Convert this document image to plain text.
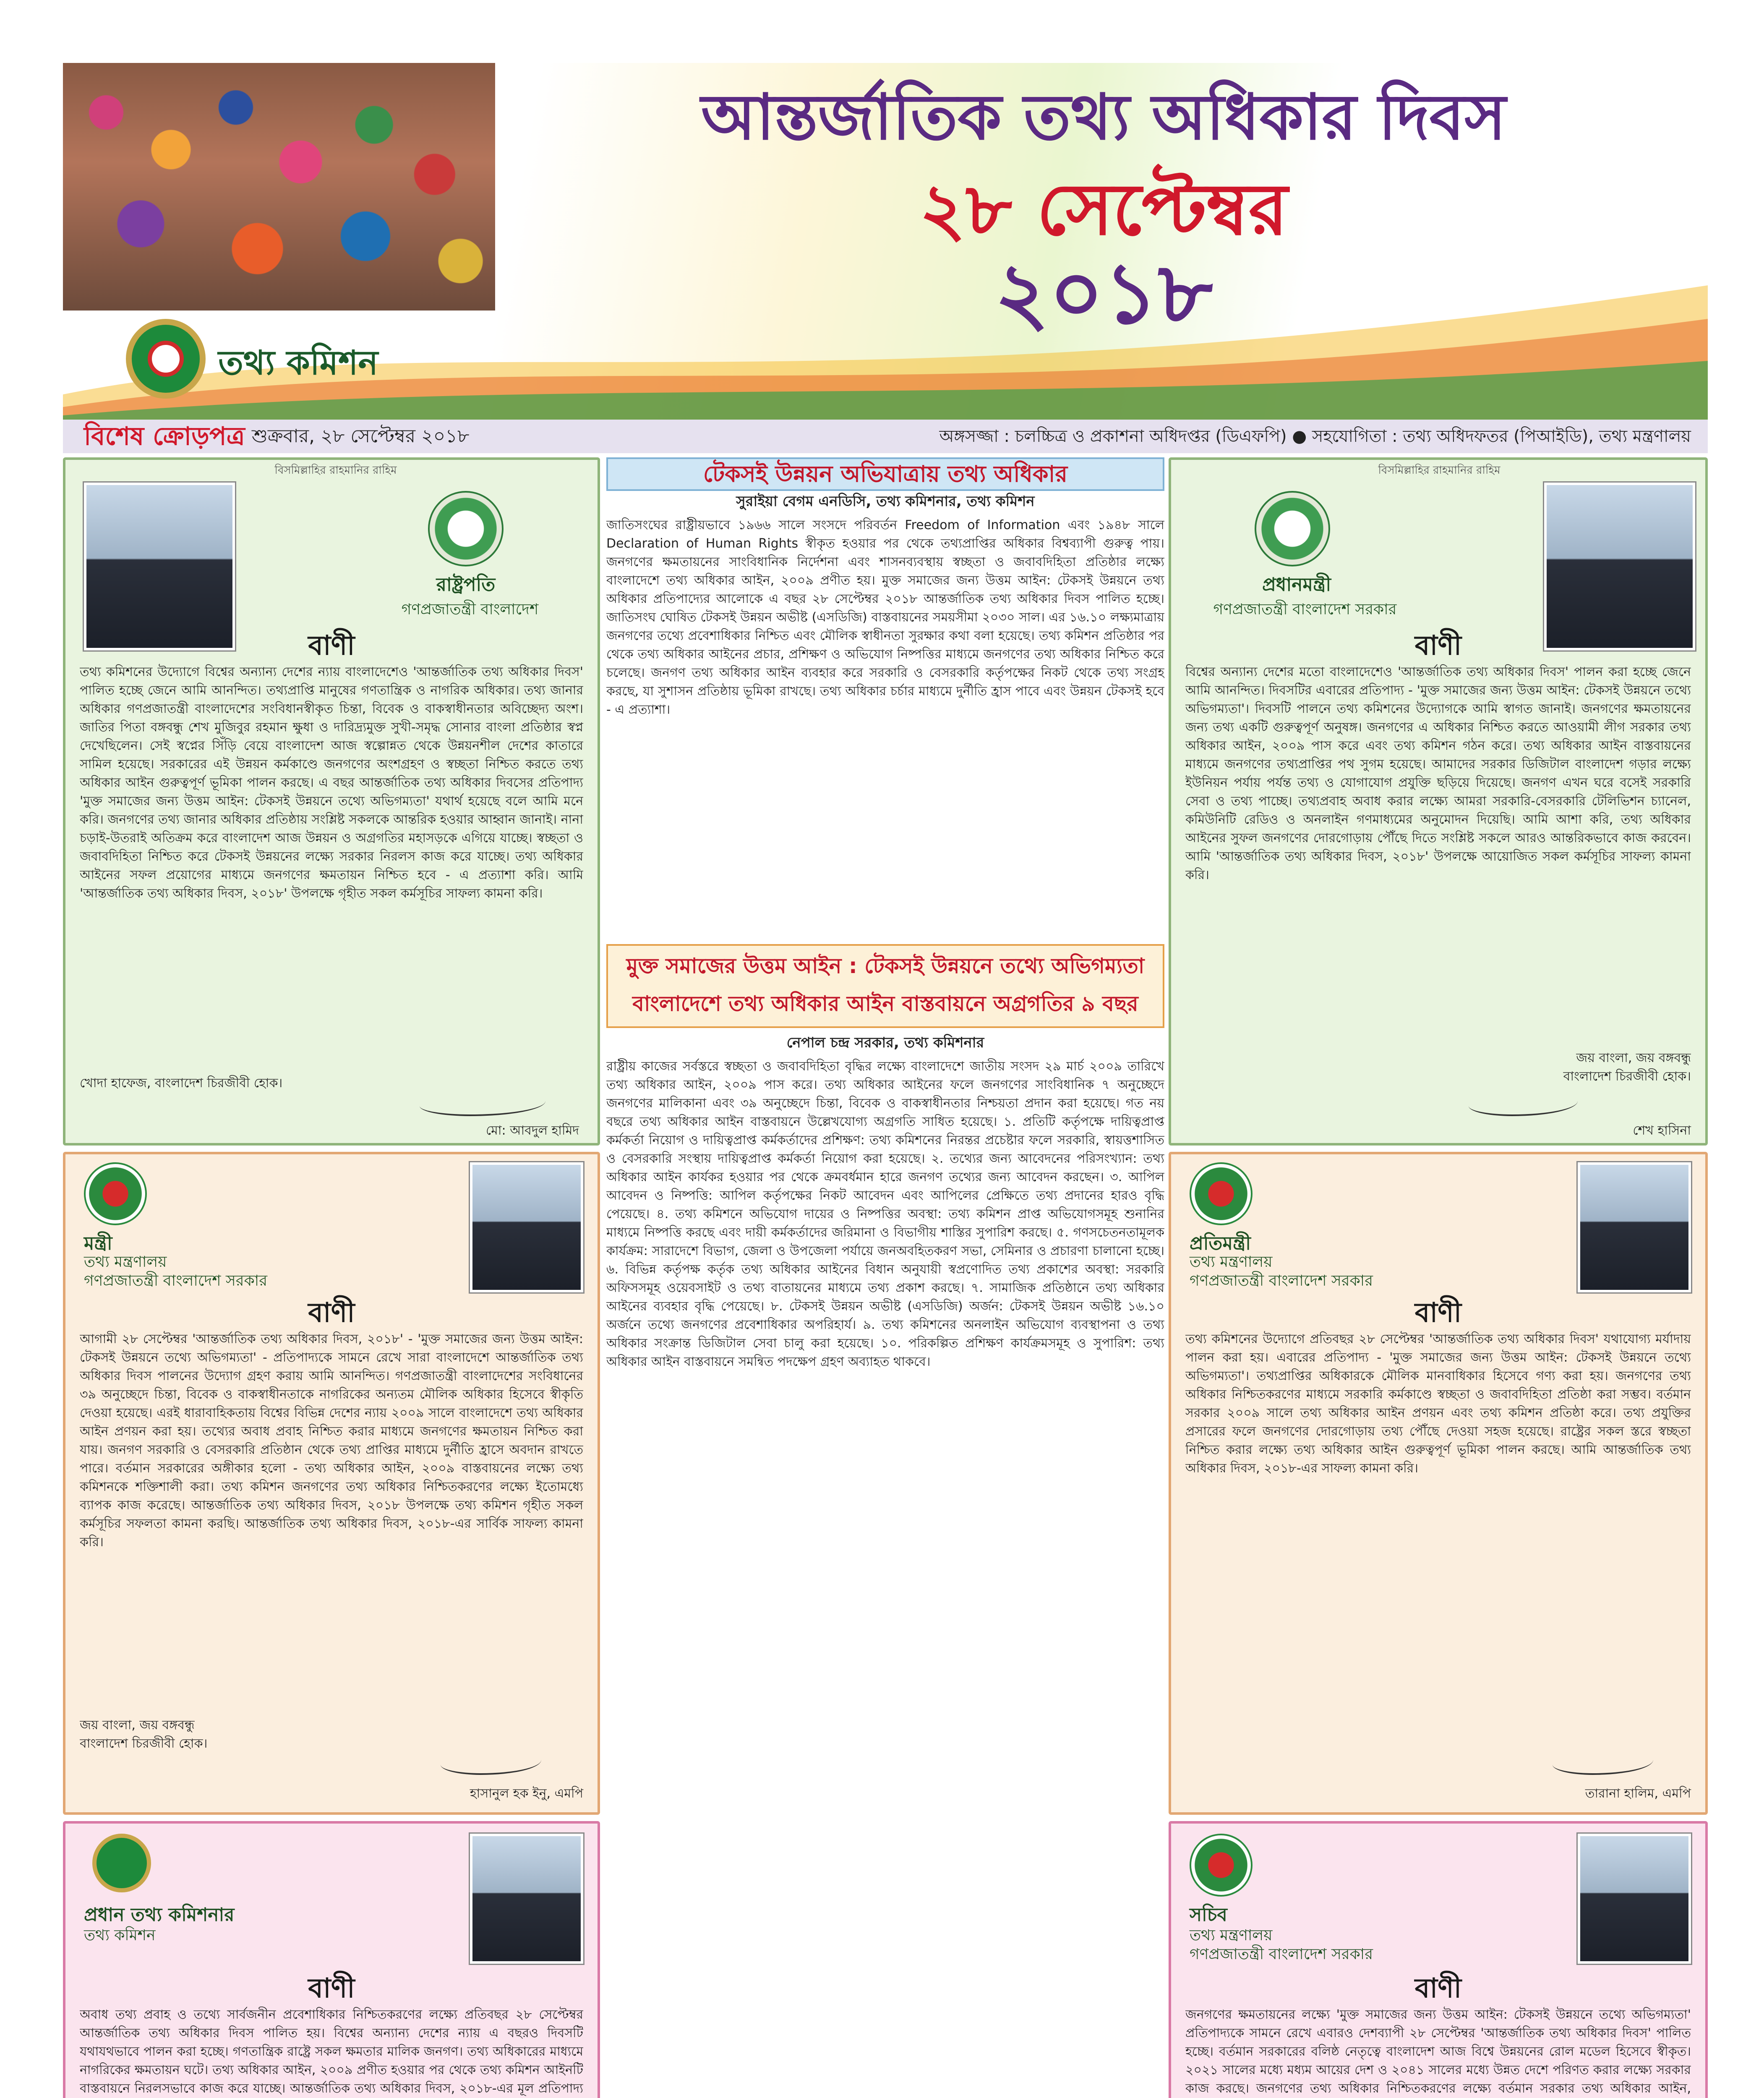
আন্তর্জাতিক তথ্য অধিকার দিবস
২৮ সেপ্টেম্বর
২০১৮
তথ্য কমিশন
বিশেষ ক্রোড়পত্র শুক্রবার, ২৮ সেপ্টেম্বর ২০১৮	অঙ্গসজ্জা : চলচ্চিত্র ও প্রকাশনা অধিদপ্তর (ডিএফপি) ● সহযোগিতা : তথ্য অধিদফতর (পিআইডি), তথ্য মন্ত্রণালয়
বিসমিল্লাহির রাহমানির রাহিম
রাষ্ট্রপতি
গণপ্রজাতন্ত্রী বাংলাদেশ
বাণী
তথ্য কমিশনের উদ্যোগে বিশ্বের অন্যান্য দেশের ন্যায় বাংলাদেশেও 'আন্তর্জাতিক তথ্য অধিকার দিবস' পালিত হচ্ছে জেনে আমি আনন্দিত। তথ্যপ্রাপ্তি মানুষের গণতান্ত্রিক ও নাগরিক অধিকার। তথ্য জানার অধিকার গণপ্রজাতন্ত্রী বাংলাদেশের সংবিধানস্বীকৃত চিন্তা, বিবেক ও বাকস্বাধীনতার অবিচ্ছেদ্য অংশ। জাতির পিতা বঙ্গবন্ধু শেখ মুজিবুর রহমান ক্ষুধা ও দারিদ্র্যমুক্ত সুখী-সমৃদ্ধ সোনার বাংলা প্রতিষ্ঠার স্বপ্ন দেখেছিলেন। সেই স্বপ্নের সিঁড়ি বেয়ে বাংলাদেশ আজ স্বল্পোন্নত থেকে উন্নয়নশীল দেশের কাতারে সামিল হয়েছে। সরকারের এই উন্নয়ন কর্মকাণ্ডে জনগণের অংশগ্রহণ ও স্বচ্ছতা নিশ্চিত করতে তথ্য অধিকার আইন গুরুত্বপূর্ণ ভূমিকা পালন করছে। এ বছর আন্তর্জাতিক তথ্য অধিকার দিবসের প্রতিপাদ্য 'মুক্ত সমাজের জন্য উত্তম আইন: টেকসই উন্নয়নে তথ্যে অভিগম্যতা' যথার্থ হয়েছে বলে আমি মনে করি। জনগণের তথ্য জানার অধিকার প্রতিষ্ঠায় সংশ্লিষ্ট সকলকে আন্তরিক হওয়ার আহ্বান জানাই। নানা চড়াই-উতরাই অতিক্রম করে বাংলাদেশ আজ উন্নয়ন ও অগ্রগতির মহাসড়কে এগিয়ে যাচ্ছে। স্বচ্ছতা ও জবাবদিহিতা নিশ্চিত করে টেকসই উন্নয়নের লক্ষ্যে সরকার নিরলস কাজ করে যাচ্ছে। তথ্য অধিকার আইনের সফল প্রয়োগের মাধ্যমে জনগণের ক্ষমতায়ন নিশ্চিত হবে - এ প্রত্যাশা করি। আমি 'আন্তর্জাতিক তথ্য অধিকার দিবস, ২০১৮' উপলক্ষে গৃহীত সকল কর্মসূচির সাফল্য কামনা করি।
খোদা হাফেজ, বাংলাদেশ চিরজীবী হোক।
মো: আবদুল হামিদ
বিসমিল্লাহির রাহমানির রাহিম
প্রধানমন্ত্রী
গণপ্রজাতন্ত্রী বাংলাদেশ সরকার
বাণী
বিশ্বের অন্যান্য দেশের মতো বাংলাদেশেও 'আন্তর্জাতিক তথ্য অধিকার দিবস' পালন করা হচ্ছে জেনে আমি আনন্দিত। দিবসটির এবারের প্রতিপাদ্য - 'মুক্ত সমাজের জন্য উত্তম আইন: টেকসই উন্নয়নে তথ্যে অভিগম্যতা'। দিবসটি পালনে তথ্য কমিশনের উদ্যোগকে আমি স্বাগত জানাই। জনগণের ক্ষমতায়নের জন্য তথ্য একটি গুরুত্বপূর্ণ অনুষঙ্গ। জনগণের এ অধিকার নিশ্চিত করতে আওয়ামী লীগ সরকার তথ্য অধিকার আইন, ২০০৯ পাস করে এবং তথ্য কমিশন গঠন করে। তথ্য অধিকার আইন বাস্তবায়নের মাধ্যমে জনগণের তথ্যপ্রাপ্তির পথ সুগম হয়েছে। আমাদের সরকার ডিজিটাল বাংলাদেশ গড়ার লক্ষ্যে ইউনিয়ন পর্যায় পর্যন্ত তথ্য ও যোগাযোগ প্রযুক্তি ছড়িয়ে দিয়েছে। জনগণ এখন ঘরে বসেই সরকারি সেবা ও তথ্য পাচ্ছে। তথ্যপ্রবাহ অবাধ করার লক্ষ্যে আমরা সরকারি-বেসরকারি টেলিভিশন চ্যানেল, কমিউনিটি রেডিও ও অনলাইন গণমাধ্যমের অনুমোদন দিয়েছি। আমি আশা করি, তথ্য অধিকার আইনের সুফল জনগণের দোরগোড়ায় পৌঁছে দিতে সংশ্লিষ্ট সকলে আরও আন্তরিকভাবে কাজ করবেন। আমি 'আন্তর্জাতিক তথ্য অধিকার দিবস, ২০১৮' উপলক্ষে আয়োজিত সকল কর্মসূচির সাফল্য কামনা করি।
জয় বাংলা, জয় বঙ্গবন্ধু
বাংলাদেশ চিরজীবী হোক।
শেখ হাসিনা
মন্ত্রী
তথ্য মন্ত্রণালয়
গণপ্রজাতন্ত্রী বাংলাদেশ সরকার
বাণী
আগামী ২৮ সেপ্টেম্বর 'আন্তর্জাতিক তথ্য অধিকার দিবস, ২০১৮' - 'মুক্ত সমাজের জন্য উত্তম আইন: টেকসই উন্নয়নে তথ্যে অভিগম্যতা' - প্রতিপাদ্যকে সামনে রেখে সারা বাংলাদেশে আন্তর্জাতিক তথ্য অধিকার দিবস পালনের উদ্যোগ গ্রহণ করায় আমি আনন্দিত। গণপ্রজাতন্ত্রী বাংলাদেশের সংবিধানের ৩৯ অনুচ্ছেদে চিন্তা, বিবেক ও বাকস্বাধীনতাকে নাগরিকের অন্যতম মৌলিক অধিকার হিসেবে স্বীকৃতি দেওয়া হয়েছে। এরই ধারাবাহিকতায় বিশ্বের বিভিন্ন দেশের ন্যায় ২০০৯ সালে বাংলাদেশে তথ্য অধিকার আইন প্রণয়ন করা হয়। তথ্যের অবাধ প্রবাহ নিশ্চিত করার মাধ্যমে জনগণের ক্ষমতায়ন নিশ্চিত করা যায়। জনগণ সরকারি ও বেসরকারি প্রতিষ্ঠান থেকে তথ্য প্রাপ্তির মাধ্যমে দুর্নীতি হ্রাসে অবদান রাখতে পারে। বর্তমান সরকারের অঙ্গীকার হলো - তথ্য অধিকার আইন, ২০০৯ বাস্তবায়নের লক্ষ্যে তথ্য কমিশনকে শক্তিশালী করা। তথ্য কমিশন জনগণের তথ্য অধিকার নিশ্চিতকরণের লক্ষ্যে ইতোমধ্যে ব্যাপক কাজ করেছে। আন্তর্জাতিক তথ্য অধিকার দিবস, ২০১৮ উপলক্ষে তথ্য কমিশন গৃহীত সকল কর্মসূচির সফলতা কামনা করছি। আন্তর্জাতিক তথ্য অধিকার দিবস, ২০১৮-এর সার্বিক সাফল্য কামনা করি।
জয় বাংলা, জয় বঙ্গবন্ধু
বাংলাদেশ চিরজীবী হোক।
হাসানুল হক ইনু, এমপি
প্রতিমন্ত্রী
তথ্য মন্ত্রণালয়
গণপ্রজাতন্ত্রী বাংলাদেশ সরকার
বাণী
তথ্য কমিশনের উদ্যোগে প্রতিবছর ২৮ সেপ্টেম্বর 'আন্তর্জাতিক তথ্য অধিকার দিবস' যথাযোগ্য মর্যাদায় পালন করা হয়। এবারের প্রতিপাদ্য - 'মুক্ত সমাজের জন্য উত্তম আইন: টেকসই উন্নয়নে তথ্যে অভিগম্যতা'। তথ্যপ্রাপ্তির অধিকারকে মৌলিক মানবাধিকার হিসেবে গণ্য করা হয়। জনগণের তথ্য অধিকার নিশ্চিতকরণের মাধ্যমে সরকারি কর্মকাণ্ডে স্বচ্ছতা ও জবাবদিহিতা প্রতিষ্ঠা করা সম্ভব। বর্তমান সরকার ২০০৯ সালে তথ্য অধিকার আইন প্রণয়ন এবং তথ্য কমিশন প্রতিষ্ঠা করে। তথ্য প্রযুক্তির প্রসারের ফলে জনগণের দোরগোড়ায় তথ্য পৌঁছে দেওয়া সহজ হয়েছে। রাষ্ট্রের সকল স্তরে স্বচ্ছতা নিশ্চিত করার লক্ষ্যে তথ্য অধিকার আইন গুরুত্বপূর্ণ ভূমিকা পালন করছে। আমি আন্তর্জাতিক তথ্য অধিকার দিবস, ২০১৮-এর সাফল্য কামনা করি।
তারানা হালিম, এমপি
প্রধান তথ্য কমিশনার
তথ্য কমিশন
বাণী
অবাধ তথ্য প্রবাহ ও তথ্যে সার্বজনীন প্রবেশাধিকার নিশ্চিতকরণের লক্ষ্যে প্রতিবছর ২৮ সেপ্টেম্বর আন্তর্জাতিক তথ্য অধিকার দিবস পালিত হয়। বিশ্বের অন্যান্য দেশের ন্যায় এ বছরও দিবসটি যথাযথভাবে পালন করা হচ্ছে। গণতান্ত্রিক রাষ্ট্রে সকল ক্ষমতার মালিক জনগণ। তথ্য অধিকারের মাধ্যমে নাগরিকের ক্ষমতায়ন ঘটে। তথ্য অধিকার আইন, ২০০৯ প্রণীত হওয়ার পর থেকে তথ্য কমিশন আইনটি বাস্তবায়নে নিরলসভাবে কাজ করে যাচ্ছে। আন্তর্জাতিক তথ্য অধিকার দিবস, ২০১৮-এর মূল প্রতিপাদ্য
সচিব
তথ্য মন্ত্রণালয়
গণপ্রজাতন্ত্রী বাংলাদেশ সরকার
বাণী
জনগণের ক্ষমতায়নের লক্ষ্যে 'মুক্ত সমাজের জন্য উত্তম আইন: টেকসই উন্নয়নে তথ্যে অভিগম্যতা' প্রতিপাদ্যকে সামনে রেখে এবারও দেশব্যাপী ২৮ সেপ্টেম্বর 'আন্তর্জাতিক তথ্য অধিকার দিবস' পালিত হচ্ছে। বর্তমান সরকারের বলিষ্ঠ নেতৃত্বে বাংলাদেশ আজ বিশ্বে উন্নয়নের রোল মডেল হিসেবে স্বীকৃত। ২০২১ সালের মধ্যে মধ্যম আয়ের দেশ ও ২০৪১ সালের মধ্যে উন্নত দেশে পরিণত করার লক্ষ্যে সরকার কাজ করছে। জনগণের তথ্য অধিকার নিশ্চিতকরণের লক্ষ্যে বর্তমান সরকার তথ্য অধিকার আইন,
টেকসই উন্নয়ন অভিযাত্রায় তথ্য অধিকার
সুরাইয়া বেগম এনডিসি, তথ্য কমিশনার, তথ্য কমিশন
জাতিসংঘের রাষ্ট্রীয়ভাবে ১৯৬৬ সালে সংসদে পরিবর্তন Freedom of Information এবং ১৯৪৮ সালে Declaration of Human Rights স্বীকৃত হওয়ার পর থেকে তথ্যপ্রাপ্তির অধিকার বিশ্বব্যাপী গুরুত্ব পায়। জনগণের ক্ষমতায়নের সাংবিধানিক নির্দেশনা এবং শাসনব্যবস্থায় স্বচ্ছতা ও জবাবদিহিতা প্রতিষ্ঠার লক্ষ্যে বাংলাদেশে তথ্য অধিকার আইন, ২০০৯ প্রণীত হয়। মুক্ত সমাজের জন্য উত্তম আইন: টেকসই উন্নয়নে তথ্য অধিকার প্রতিপাদ্যের আলোকে এ বছর ২৮ সেপ্টেম্বর ২০১৮ আন্তর্জাতিক তথ্য অধিকার দিবস পালিত হচ্ছে। জাতিসংঘ ঘোষিত টেকসই উন্নয়ন অভীষ্ট (এসডিজি) বাস্তবায়নের সময়সীমা ২০৩০ সাল। এর ১৬.১০ লক্ষ্যমাত্রায় জনগণের তথ্যে প্রবেশাধিকার নিশ্চিত এবং মৌলিক স্বাধীনতা সুরক্ষার কথা বলা হয়েছে। তথ্য কমিশন প্রতিষ্ঠার পর থেকে তথ্য অধিকার আইনের প্রচার, প্রশিক্ষণ ও অভিযোগ নিষ্পত্তির মাধ্যমে জনগণের তথ্য অধিকার নিশ্চিত করে চলেছে। জনগণ তথ্য অধিকার আইন ব্যবহার করে সরকারি ও বেসরকারি কর্তৃপক্ষের নিকট থেকে তথ্য সংগ্রহ করছে, যা সুশাসন প্রতিষ্ঠায় ভূমিকা রাখছে। তথ্য অধিকার চর্চার মাধ্যমে দুর্নীতি হ্রাস পাবে এবং উন্নয়ন টেকসই হবে - এ প্রত্যাশা।
মুক্ত সমাজের উত্তম আইন : টেকসই উন্নয়নে তথ্যে অভিগম্যতা
বাংলাদেশে তথ্য অধিকার আইন বাস্তবায়নে অগ্রগতির ৯ বছর
নেপাল চন্দ্র সরকার, তথ্য কমিশনার
রাষ্ট্রীয় কাজের সর্বস্তরে স্বচ্ছতা ও জবাবদিহিতা বৃদ্ধির লক্ষ্যে বাংলাদেশে জাতীয় সংসদ ২৯ মার্চ ২০০৯ তারিখে তথ্য অধিকার আইন, ২০০৯ পাস করে। তথ্য অধিকার আইনের ফলে জনগণের সাংবিধানিক ৭ অনুচ্ছেদে জনগণের মালিকানা এবং ৩৯ অনুচ্ছেদে চিন্তা, বিবেক ও বাকস্বাধীনতার নিশ্চয়তা প্রদান করা হয়েছে। গত নয় বছরে তথ্য অধিকার আইন বাস্তবায়নে উল্লেখযোগ্য অগ্রগতি সাধিত হয়েছে। ১. প্রতিটি কর্তৃপক্ষে দায়িত্বপ্রাপ্ত কর্মকর্তা নিয়োগ ও দায়িত্বপ্রাপ্ত কর্মকর্তাদের প্রশিক্ষণ: তথ্য কমিশনের নিরন্তর প্রচেষ্টার ফলে সরকারি, স্বায়ত্তশাসিত ও বেসরকারি সংস্থায় দায়িত্বপ্রাপ্ত কর্মকর্তা নিয়োগ করা হয়েছে। ২. তথ্যের জন্য আবেদনের পরিসংখ্যান: তথ্য অধিকার আইন কার্যকর হওয়ার পর থেকে ক্রমবর্ধমান হারে জনগণ তথ্যের জন্য আবেদন করছেন। ৩. আপিল আবেদন ও নিষ্পত্তি: আপিল কর্তৃপক্ষের নিকট আবেদন এবং আপিলের প্রেক্ষিতে তথ্য প্রদানের হারও বৃদ্ধি পেয়েছে। ৪. তথ্য কমিশনে অভিযোগ দায়ের ও নিষ্পত্তির অবস্থা: তথ্য কমিশন প্রাপ্ত অভিযোগসমূহ শুনানির মাধ্যমে নিষ্পত্তি করছে এবং দায়ী কর্মকর্তাদের জরিমানা ও বিভাগীয় শাস্তির সুপারিশ করছে। ৫. গণসচেতনতামূলক কার্যক্রম: সারাদেশে বিভাগ, জেলা ও উপজেলা পর্যায়ে জনঅবহিতকরণ সভা, সেমিনার ও প্রচারণা চালানো হচ্ছে। ৬. বিভিন্ন কর্তৃপক্ষ কর্তৃক তথ্য অধিকার আইনের বিধান অনুযায়ী স্বপ্রণোদিত তথ্য প্রকাশের অবস্থা: সরকারি অফিসসমূহ ওয়েবসাইট ও তথ্য বাতায়নের মাধ্যমে তথ্য প্রকাশ করছে। ৭. সামাজিক প্রতিষ্ঠানে তথ্য অধিকার আইনের ব্যবহার বৃদ্ধি পেয়েছে। ৮. টেকসই উন্নয়ন অভীষ্ট (এসডিজি) অর্জন: টেকসই উন্নয়ন অভীষ্ট ১৬.১০ অর্জনে তথ্যে জনগণের প্রবেশাধিকার অপরিহার্য। ৯. তথ্য কমিশনের অনলাইন অভিযোগ ব্যবস্থাপনা ও তথ্য অধিকার সংক্রান্ত ডিজিটাল সেবা চালু করা হয়েছে। ১০. পরিকল্পিত প্রশিক্ষণ কার্যক্রমসমূহ ও সুপারিশ: তথ্য অধিকার আইন বাস্তবায়নে সমন্বিত পদক্ষেপ গ্রহণ অব্যাহত থাকবে।
